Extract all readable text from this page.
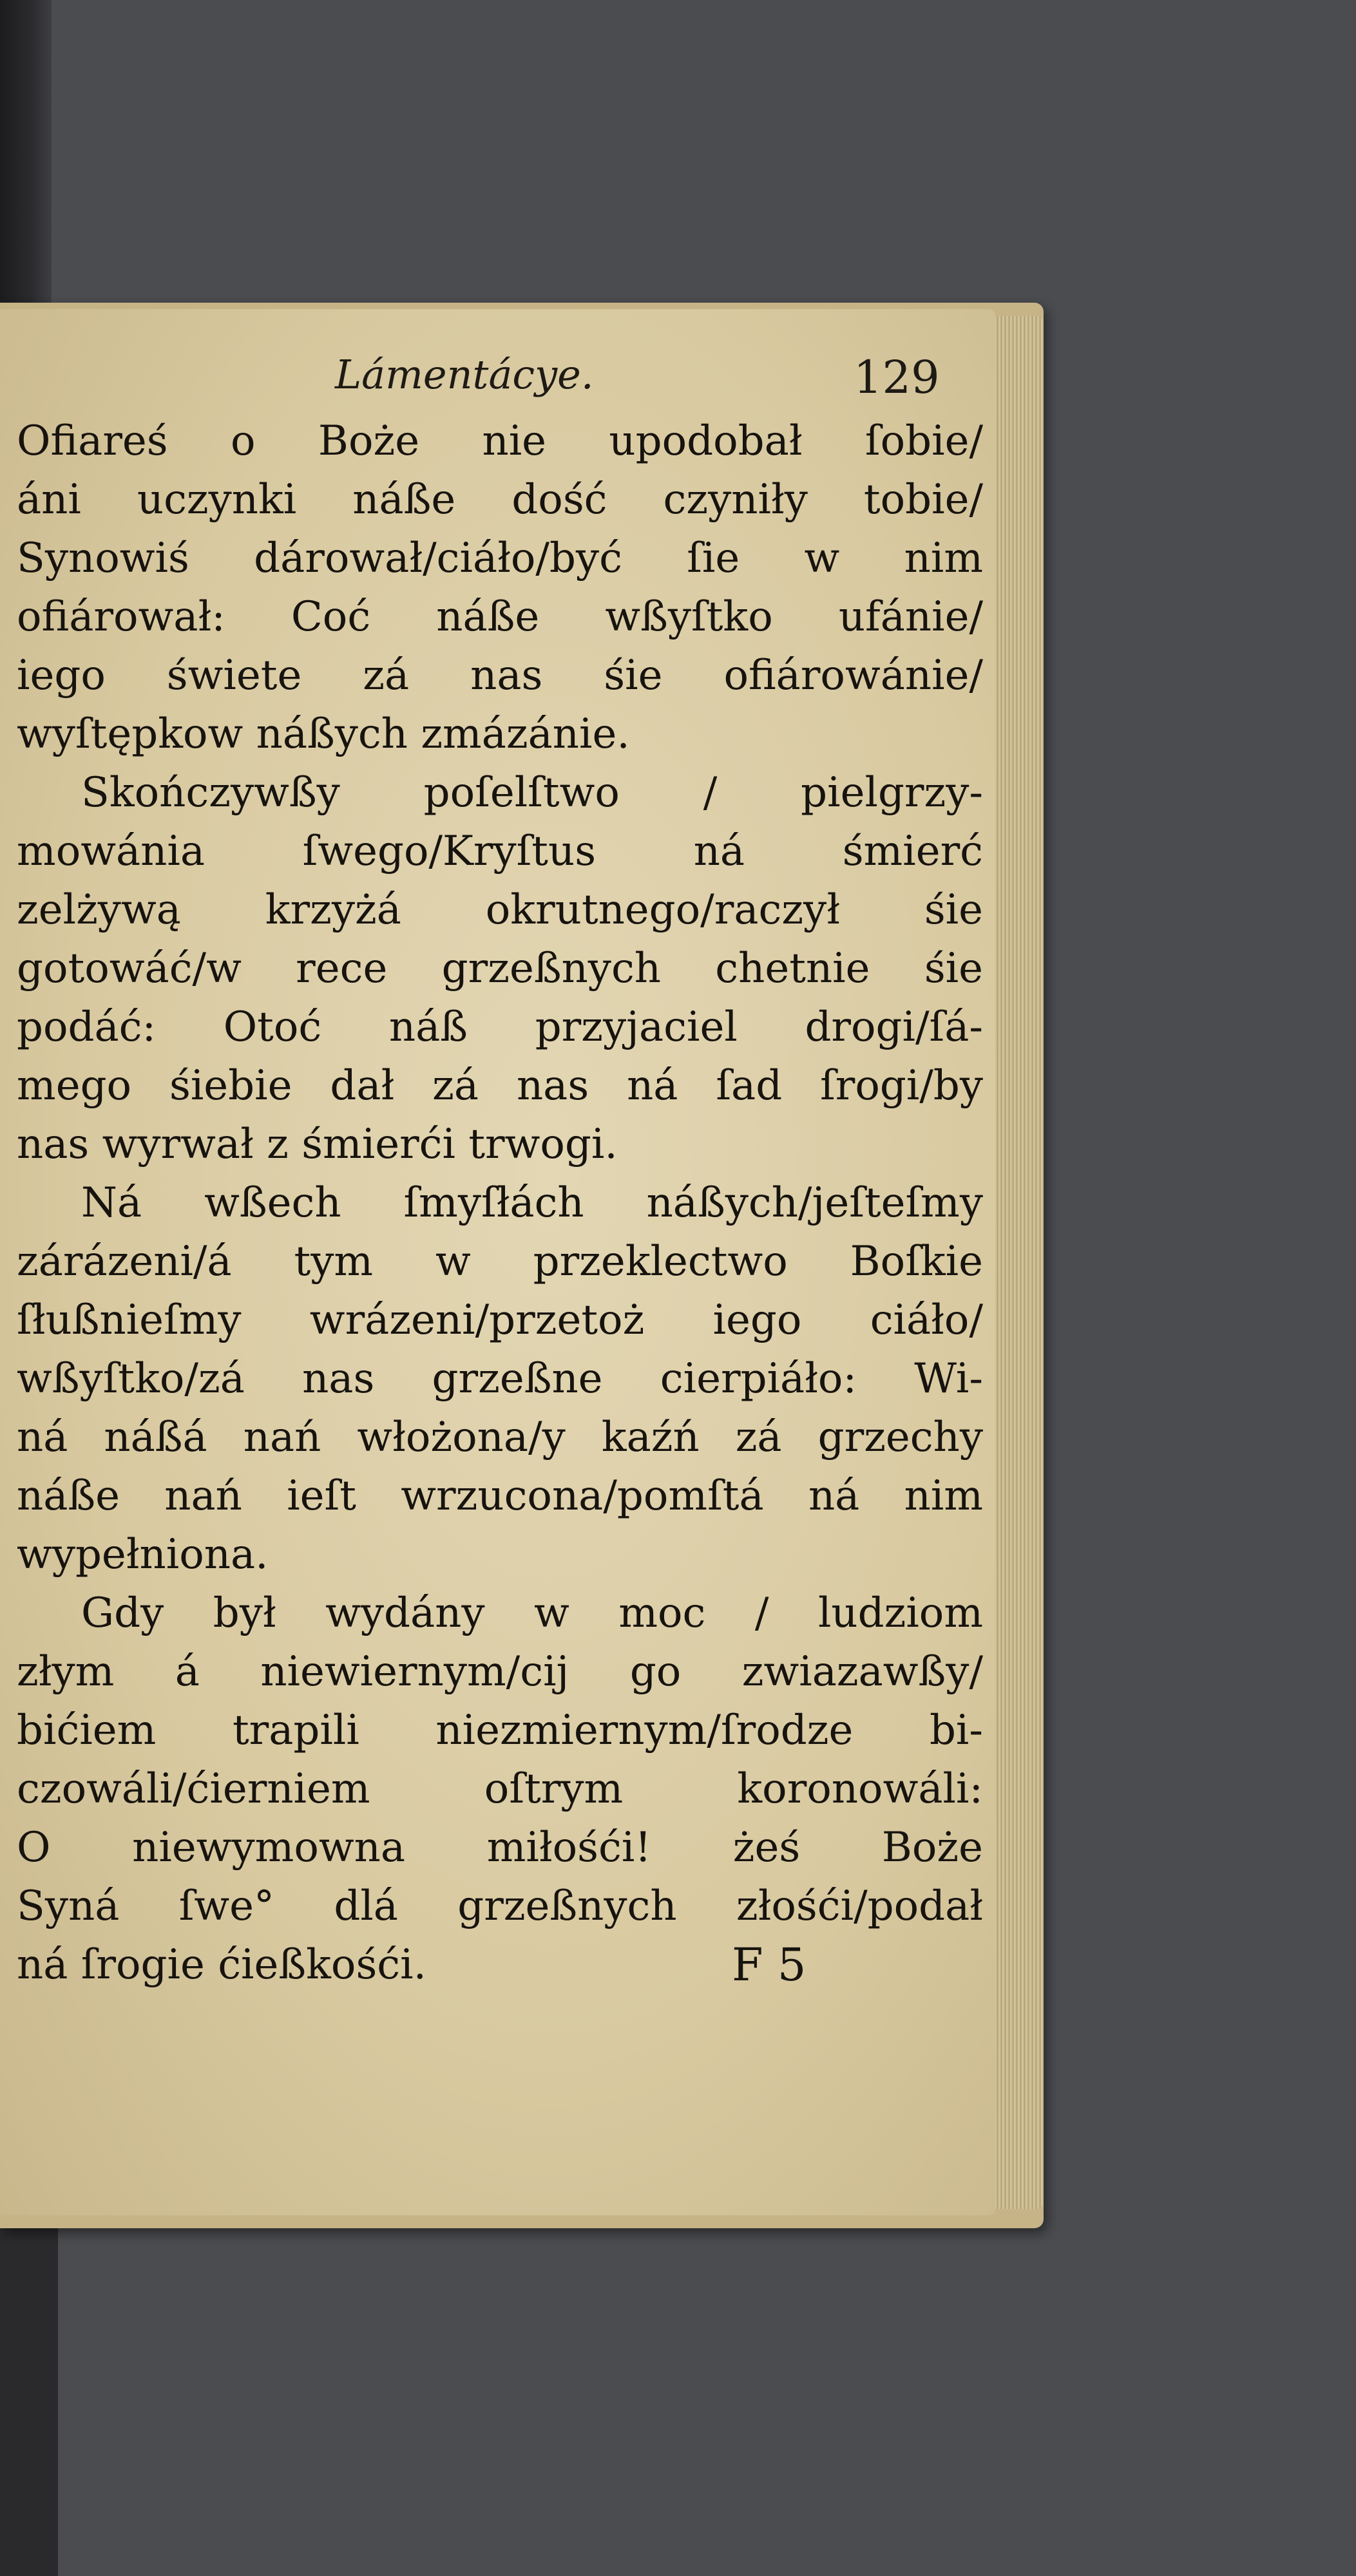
Lámentácye.	129
Ofiareś o Boże nie upodobał ſobie/
áni uczynki náße dość czyniły tobie/
Synowiś dárował/ciáło/być ſie w nim
ofiárował: Coć náße wßyſtko ufánie/
iego świete zá nas śie ofiárowánie/
wyſtępkow náßych zmázánie.
Skończywßy poſelſtwo / pielgrzy-
mowánia ſwego/Kryſtus ná śmierć
zelżywą krzyżá okrutnego/raczył śie
gotowáć/w rece grzeßnych chetnie śie
podáć: Otoć náß przyjaciel drogi/ſá-
mego śiebie dał zá nas ná ſad ſrogi/by
nas wyrwał z śmierći trwogi.
Ná wßech ſmyſłách náßych/jeſteſmy
zárázeni/á tym w przeklectwo Boſkie
ſłußnieſmy wrázeni/przetoż iego ciáło/
wßyſtko/zá nas grzeßne cierpiáło: Wi-
ná náßá nań włożona/y kaźń zá grzechy
náße nań ieſt wrzucona/pomſtá ná nim
wypełniona.
Gdy był wydány w moc / ludziom
złym á niewiernym/cij go zwiazawßy/
bićiem trapili niezmiernym/ſrodze bi-
czowáli/ćierniem oſtrym koronowáli:
O niewymowna miłośći! żeś Boże
Syná ſwe° dlá grzeßnych złośći/podał
ná ſrogie ćießkośći.	F 5
